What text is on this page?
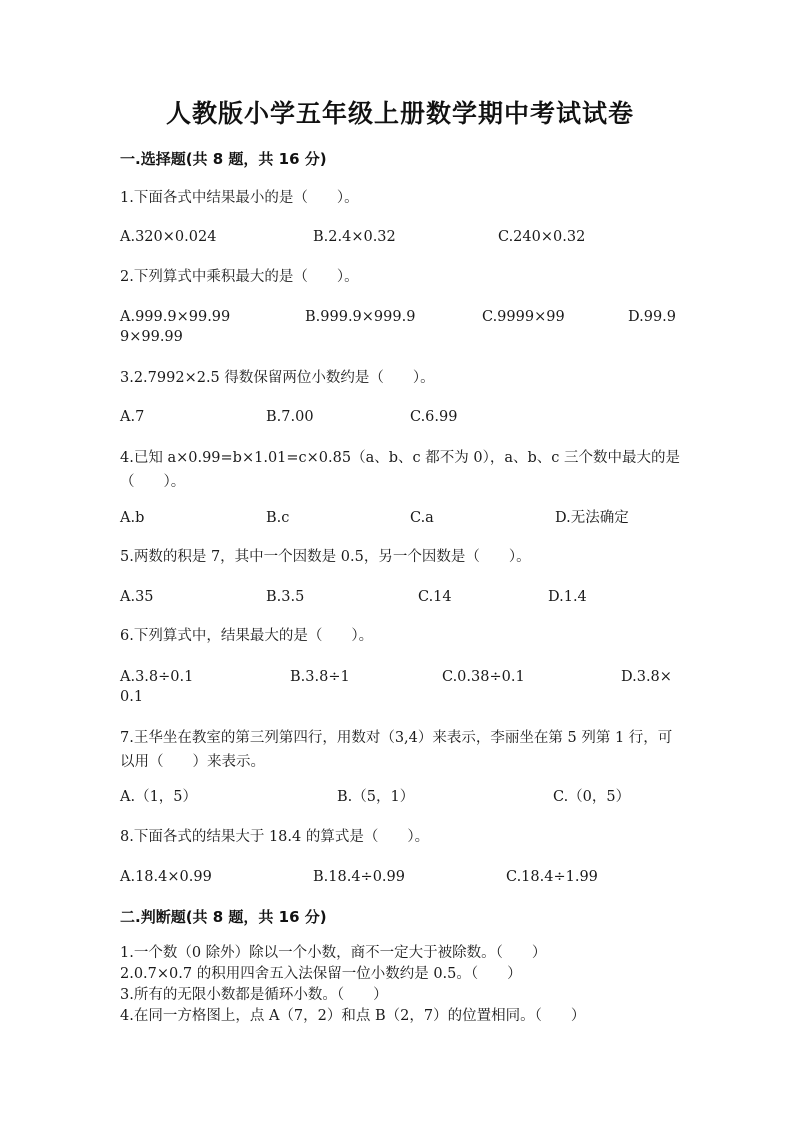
人教版小学五年级上册数学期中考试试卷
一.选择题(共 8 题，共 16 分)
1.下面各式中结果最小的是（　　）。
A.320×0.024	B.2.4×0.32	C.240×0.32
2.下列算式中乘积最大的是（　　）。
A.999.9×99.99	B.999.9×999.9	C.9999×99	D.99.9
9×99.99
3.2.7992×2.5 得数保留两位小数约是（　　）。
A.7	B.7.00	C.6.99
4.已知 a×0.99=b×1.01=c×0.85（a、b、c 都不为 0），a、b、c 三个数中最大的是（　　）。
A.b	B.c	C.a	D.无法确定
5.两数的积是 7，其中一个因数是 0.5，另一个因数是（　　）。
A.35	B.3.5	C.14	D.1.4
6.下列算式中，结果最大的是（　　）。
A.3.8÷0.1	B.3.8÷1	C.0.38÷0.1	D.3.8×
0.1
7.王华坐在教室的第三列第四行，用数对（3,4）来表示，李丽坐在第 5 列第 1 行，可以用（　　）来表示。
A.（1，5）	B.（5，1）	C.（0，5）
8.下面各式的结果大于 18.4 的算式是（　　）。
A.18.4×0.99	B.18.4÷0.99	C.18.4÷1.99
二.判断题(共 8 题，共 16 分)
1.一个数（0 除外）除以一个小数，商不一定大于被除数。（　　）
2.0.7×0.7 的积用四舍五入法保留一位小数约是 0.5。（　　）
3.所有的无限小数都是循环小数。（　　）
4.在同一方格图上，点 A（7，2）和点 B（2，7）的位置相同。（　　）
